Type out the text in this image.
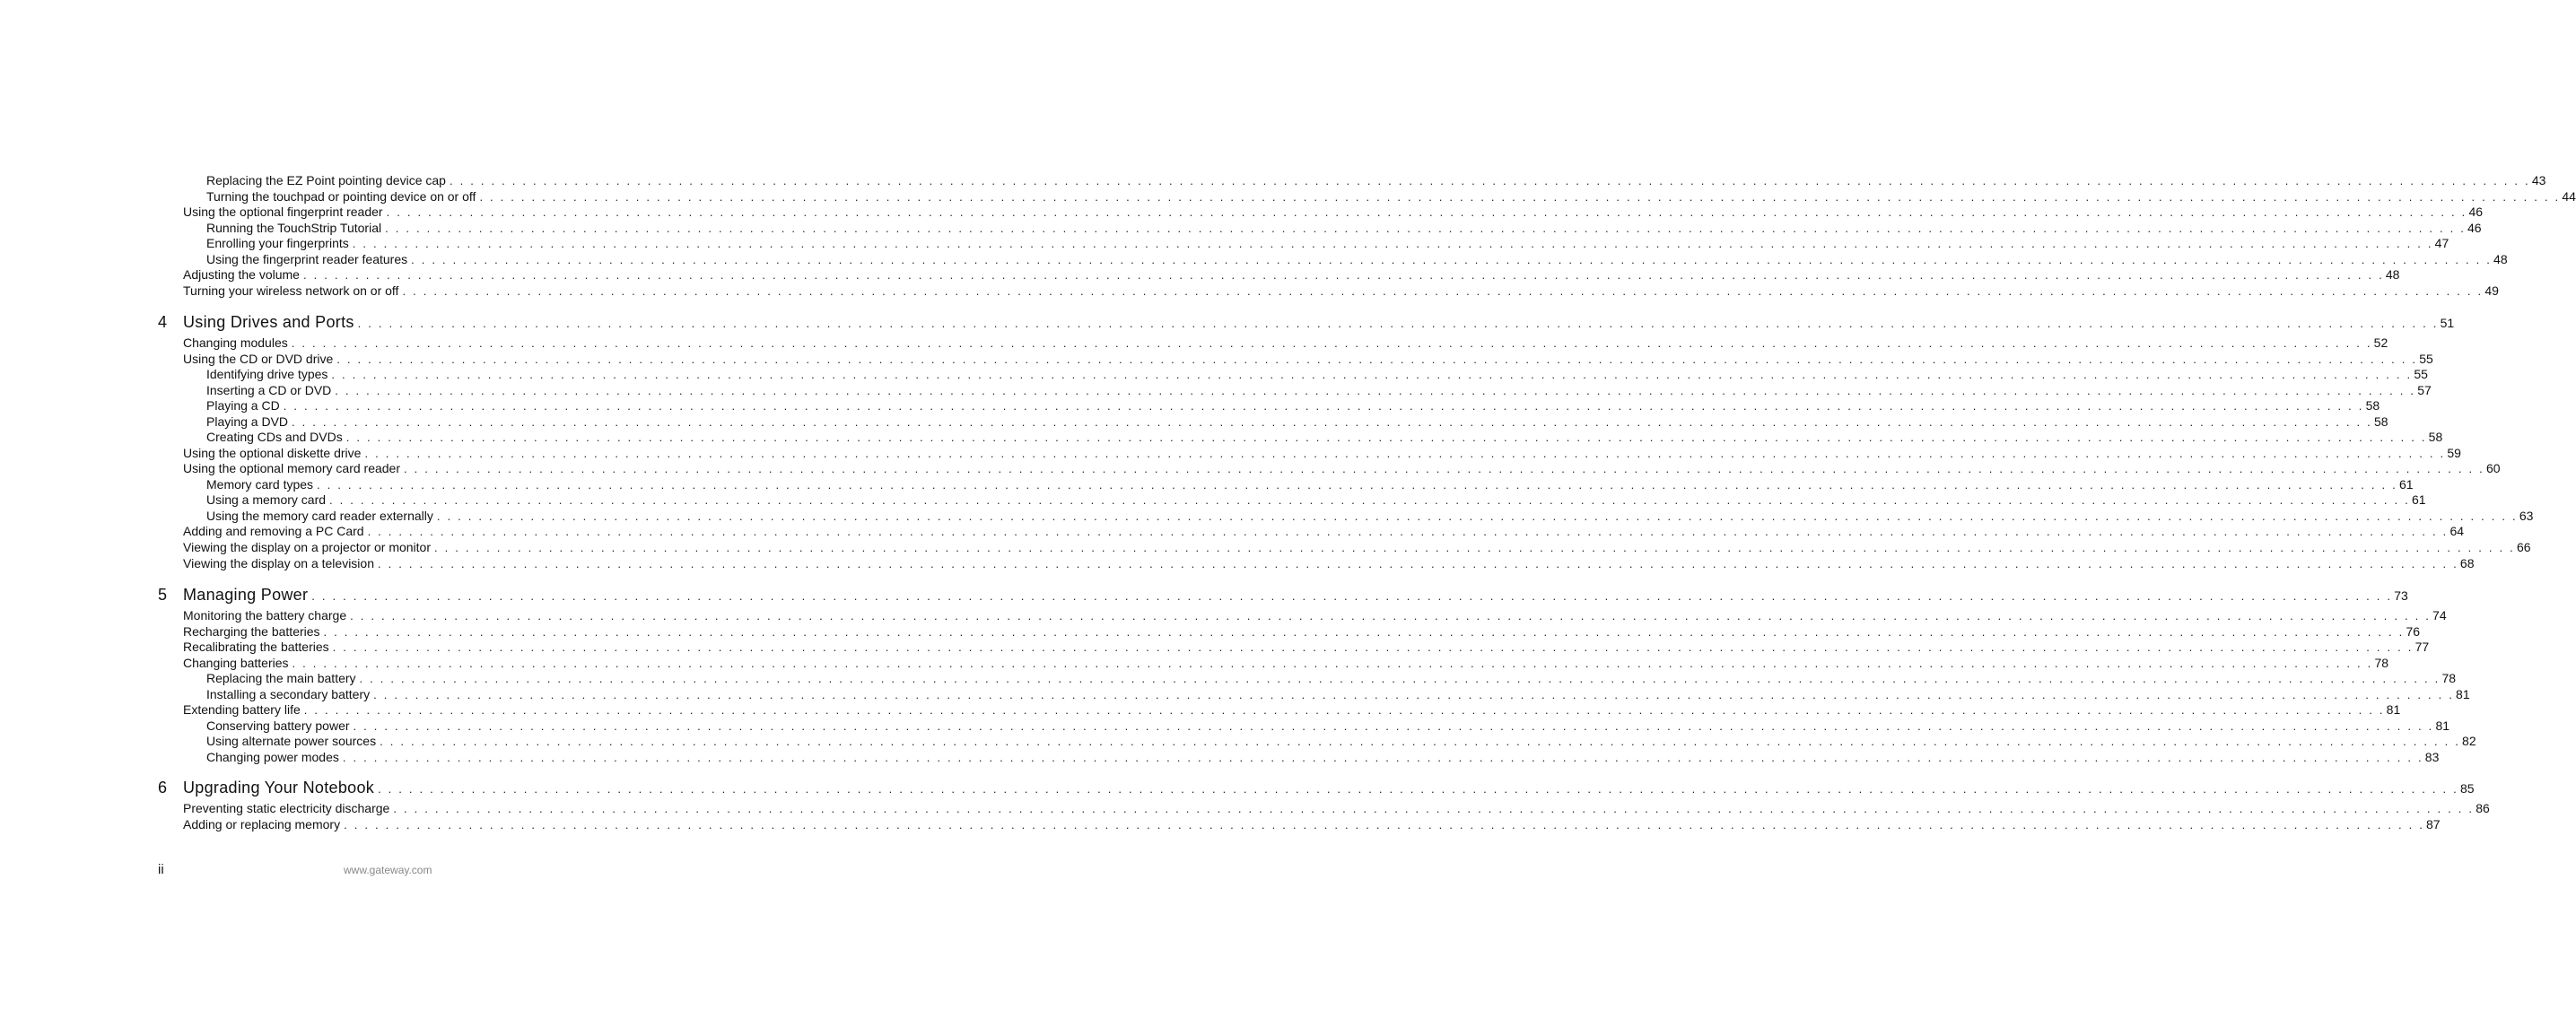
Replacing the EZ Point pointing device cap . . . . . . . . . . . . . . . . . . . . . . . . . . . . . . . . . . . . . . . . . . . . . . . . . . . . . . . . . . . . . . . . . . . . . . . . . . . . . . . . . . . . . . . . . . . . . . . . . . . . . . . . . . . . . . . . . . . . . . . . . . . . . . . . . . . . . . . . . . . . . . . . . . . . . . . . . . . . . . . . . . . . . . . . . . . . . . . . . . . . . . . . . . . . . . . . . . . . . . . . 43
Turning the touchpad or pointing device on or off . . . . . . . . . . . . . . . . . . . . . . . . . . . . . . . . . . . . . . . . . . . . . . . . . . . . . . . . . . . . . . . . . . . . . . . . . . . . . . . . . . . . . . . . . . . . . . . . . . . . . . . . . . . . . . . . . . . . . . . . . . . . . . . . . . . . . . . . . . . . . . . . . . . . . . . . . . . . . . . . . . . . . . . . . . . . . . . . . . . . . . . . . . . . . . . . . . . . . . . . 44
Using the optional fingerprint reader . . . . . . . . . . . . . . . . . . . . . . . . . . . . . . . . . . . . . . . . . . . . . . . . . . . . . . . . . . . . . . . . . . . . . . . . . . . . . . . . . . . . . . . . . . . . . . . . . . . . . . . . . . . . . . . . . . . . . . . . . . . . . . . . . . . . . . . . . . . . . . . . . . . . . . . . . . . . . . . . . . . . . . . . . . . . . . . . . . . . . . . . . . . . . . . . . . . . . . . . 46
Running the TouchStrip Tutorial . . . . . . . . . . . . . . . . . . . . . . . . . . . . . . . . . . . . . . . . . . . . . . . . . . . . . . . . . . . . . . . . . . . . . . . . . . . . . . . . . . . . . . . . . . . . . . . . . . . . . . . . . . . . . . . . . . . . . . . . . . . . . . . . . . . . . . . . . . . . . . . . . . . . . . . . . . . . . . . . . . . . . . . . . . . . . . . . . . . . . . . . . . . . . . . . . . . . . . . . 46
Enrolling your fingerprints . . . . . . . . . . . . . . . . . . . . . . . . . . . . . . . . . . . . . . . . . . . . . . . . . . . . . . . . . . . . . . . . . . . . . . . . . . . . . . . . . . . . . . . . . . . . . . . . . . . . . . . . . . . . . . . . . . . . . . . . . . . . . . . . . . . . . . . . . . . . . . . . . . . . . . . . . . . . . . . . . . . . . . . . . . . . . . . . . . . . . . . . . . . . . . . . . . . . . . . . 47
Using the fingerprint reader features . . . . . . . . . . . . . . . . . . . . . . . . . . . . . . . . . . . . . . . . . . . . . . . . . . . . . . . . . . . . . . . . . . . . . . . . . . . . . . . . . . . . . . . . . . . . . . . . . . . . . . . . . . . . . . . . . . . . . . . . . . . . . . . . . . . . . . . . . . . . . . . . . . . . . . . . . . . . . . . . . . . . . . . . . . . . . . . . . . . . . . . . . . . . . . . . . . . . . . . . 48
Adjusting the volume . . . . . . . . . . . . . . . . . . . . . . . . . . . . . . . . . . . . . . . . . . . . . . . . . . . . . . . . . . . . . . . . . . . . . . . . . . . . . . . . . . . . . . . . . . . . . . . . . . . . . . . . . . . . . . . . . . . . . . . . . . . . . . . . . . . . . . . . . . . . . . . . . . . . . . . . . . . . . . . . . . . . . . . . . . . . . . . . . . . . . . . . . . . . . . . . . . . . . . . . 48
Turning your wireless network on or off . . . . . . . . . . . . . . . . . . . . . . . . . . . . . . . . . . . . . . . . . . . . . . . . . . . . . . . . . . . . . . . . . . . . . . . . . . . . . . . . . . . . . . . . . . . . . . . . . . . . . . . . . . . . . . . . . . . . . . . . . . . . . . . . . . . . . . . . . . . . . . . . . . . . . . . . . . . . . . . . . . . . . . . . . . . . . . . . . . . . . . . . . . . . . . . . . . . . . . . . 49
4 Using Drives and Ports . . . . . . . . . . . . . . . . . . . . . . . . . . . . . . . . . . . . . . . . . . . . . . . . . . . . . . . . . . . . . . . . . . . . . . . . . . . . . . . . . . . . . . . . . . . . . . . . . . . . . . . . . . . . . . . . . . . . . . . . . . . . . . . . . . . . . . . . . . . . . . . . . . . . . . . . . . . . . . . . . . . . . . . . . . . . . . . . . . . . . . . . . . . . . . . . . . . . . . . . 51
Changing modules . . . . . . . . . . . . . . . . . . . . . . . . . . . . . . . . . . . . . . . . . . . . . . . . . . . . . . . . . . . . . . . . . . . . . . . . . . . . . . . . . . . . . . . . . . . . . . . . . . . . . . . . . . . . . . . . . . . . . . . . . . . . . . . . . . . . . . . . . . . . . . . . . . . . . . . . . . . . . . . . . . . . . . . . . . . . . . . . . . . . . . . . . . . . . . . . . . . . . . . . 52
Using the CD or DVD drive . . . . . . . . . . . . . . . . . . . . . . . . . . . . . . . . . . . . . . . . . . . . . . . . . . . . . . . . . . . . . . . . . . . . . . . . . . . . . . . . . . . . . . . . . . . . . . . . . . . . . . . . . . . . . . . . . . . . . . . . . . . . . . . . . . . . . . . . . . . . . . . . . . . . . . . . . . . . . . . . . . . . . . . . . . . . . . . . . . . . . . . . . . . . . . . . . . . . . . . . 55
Identifying drive types . . . . . . . . . . . . . . . . . . . . . . . . . . . . . . . . . . . . . . . . . . . . . . . . . . . . . . . . . . . . . . . . . . . . . . . . . . . . . . . . . . . . . . . . . . . . . . . . . . . . . . . . . . . . . . . . . . . . . . . . . . . . . . . . . . . . . . . . . . . . . . . . . . . . . . . . . . . . . . . . . . . . . . . . . . . . . . . . . . . . . . . . . . . . . . . . . . . . . . . . 55
Inserting a CD or DVD . . . . . . . . . . . . . . . . . . . . . . . . . . . . . . . . . . . . . . . . . . . . . . . . . . . . . . . . . . . . . . . . . . . . . . . . . . . . . . . . . . . . . . . . . . . . . . . . . . . . . . . . . . . . . . . . . . . . . . . . . . . . . . . . . . . . . . . . . . . . . . . . . . . . . . . . . . . . . . . . . . . . . . . . . . . . . . . . . . . . . . . . . . . . . . . . . . . . . . . . 57
Playing a CD . . . . . . . . . . . . . . . . . . . . . . . . . . . . . . . . . . . . . . . . . . . . . . . . . . . . . . . . . . . . . . . . . . . . . . . . . . . . . . . . . . . . . . . . . . . . . . . . . . . . . . . . . . . . . . . . . . . . . . . . . . . . . . . . . . . . . . . . . . . . . . . . . . . . . . . . . . . . . . . . . . . . . . . . . . . . . . . . . . . . . . . . . . . . . . . . . . . . . . . . 58
Playing a DVD . . . . . . . . . . . . . . . . . . . . . . . . . . . . . . . . . . . . . . . . . . . . . . . . . . . . . . . . . . . . . . . . . . . . . . . . . . . . . . . . . . . . . . . . . . . . . . . . . . . . . . . . . . . . . . . . . . . . . . . . . . . . . . . . . . . . . . . . . . . . . . . . . . . . . . . . . . . . . . . . . . . . . . . . . . . . . . . . . . . . . . . . . . . . . . . . . . . . . . . . 58
Creating CDs and DVDs . . . . . . . . . . . . . . . . . . . . . . . . . . . . . . . . . . . . . . . . . . . . . . . . . . . . . . . . . . . . . . . . . . . . . . . . . . . . . . . . . . . . . . . . . . . . . . . . . . . . . . . . . . . . . . . . . . . . . . . . . . . . . . . . . . . . . . . . . . . . . . . . . . . . . . . . . . . . . . . . . . . . . . . . . . . . . . . . . . . . . . . . . . . . . . . . . . . . . . . . 58
Using the optional diskette drive . . . . . . . . . . . . . . . . . . . . . . . . . . . . . . . . . . . . . . . . . . . . . . . . . . . . . . . . . . . . . . . . . . . . . . . . . . . . . . . . . . . . . . . . . . . . . . . . . . . . . . . . . . . . . . . . . . . . . . . . . . . . . . . . . . . . . . . . . . . . . . . . . . . . . . . . . . . . . . . . . . . . . . . . . . . . . . . . . . . . . . . . . . . . . . . . . . . . . . . . 59
Using the optional memory card reader . . . . . . . . . . . . . . . . . . . . . . . . . . . . . . . . . . . . . . . . . . . . . . . . . . . . . . . . . . . . . . . . . . . . . . . . . . . . . . . . . . . . . . . . . . . . . . . . . . . . . . . . . . . . . . . . . . . . . . . . . . . . . . . . . . . . . . . . . . . . . . . . . . . . . . . . . . . . . . . . . . . . . . . . . . . . . . . . . . . . . . . . . . . . . . . . . . . . . . . . 60
Memory card types . . . . . . . . . . . . . . . . . . . . . . . . . . . . . . . . . . . . . . . . . . . . . . . . . . . . . . . . . . . . . . . . . . . . . . . . . . . . . . . . . . . . . . . . . . . . . . . . . . . . . . . . . . . . . . . . . . . . . . . . . . . . . . . . . . . . . . . . . . . . . . . . . . . . . . . . . . . . . . . . . . . . . . . . . . . . . . . . . . . . . . . . . . . . . . . . . . . . . . . . 61
Using a memory card . . . . . . . . . . . . . . . . . . . . . . . . . . . . . . . . . . . . . . . . . . . . . . . . . . . . . . . . . . . . . . . . . . . . . . . . . . . . . . . . . . . . . . . . . . . . . . . . . . . . . . . . . . . . . . . . . . . . . . . . . . . . . . . . . . . . . . . . . . . . . . . . . . . . . . . . . . . . . . . . . . . . . . . . . . . . . . . . . . . . . . . . . . . . . . . . . . . . . . . . 61
Using the memory card reader externally . . . . . . . . . . . . . . . . . . . . . . . . . . . . . . . . . . . . . . . . . . . . . . . . . . . . . . . . . . . . . . . . . . . . . . . . . . . . . . . . . . . . . . . . . . . . . . . . . . . . . . . . . . . . . . . . . . . . . . . . . . . . . . . . . . . . . . . . . . . . . . . . . . . . . . . . . . . . . . . . . . . . . . . . . . . . . . . . . . . . . . . . . . . . . . . . . . . . . . . . 63
Adding and removing a PC Card . . . . . . . . . . . . . . . . . . . . . . . . . . . . . . . . . . . . . . . . . . . . . . . . . . . . . . . . . . . . . . . . . . . . . . . . . . . . . . . . . . . . . . . . . . . . . . . . . . . . . . . . . . . . . . . . . . . . . . . . . . . . . . . . . . . . . . . . . . . . . . . . . . . . . . . . . . . . . . . . . . . . . . . . . . . . . . . . . . . . . . . . . . . . . . . . . . . . . . . . 64
Viewing the display on a projector or monitor . . . . . . . . . . . . . . . . . . . . . . . . . . . . . . . . . . . . . . . . . . . . . . . . . . . . . . . . . . . . . . . . . . . . . . . . . . . . . . . . . . . . . . . . . . . . . . . . . . . . . . . . . . . . . . . . . . . . . . . . . . . . . . . . . . . . . . . . . . . . . . . . . . . . . . . . . . . . . . . . . . . . . . . . . . . . . . . . . . . . . . . . . . . . . . . . . . . . . . . . 66
Viewing the display on a television . . . . . . . . . . . . . . . . . . . . . . . . . . . . . . . . . . . . . . . . . . . . . . . . . . . . . . . . . . . . . . . . . . . . . . . . . . . . . . . . . . . . . . . . . . . . . . . . . . . . . . . . . . . . . . . . . . . . . . . . . . . . . . . . . . . . . . . . . . . . . . . . . . . . . . . . . . . . . . . . . . . . . . . . . . . . . . . . . . . . . . . . . . . . . . . . . . . . . . . . 68
5 Managing Power . . . . . . . . . . . . . . . . . . . . . . . . . . . . . . . . . . . . . . . . . . . . . . . . . . . . . . . . . . . . . . . . . . . . . . . . . . . . . . . . . . . . . . . . . . . . . . . . . . . . . . . . . . . . . . . . . . . . . . . . . . . . . . . . . . . . . . . . . . . . . . . . . . . . . . . . . . . . . . . . . . . . . . . . . . . . . . . . . . . . . . . . . . . . . . . . . . . . . . . . 73
Monitoring the battery charge . . . . . . . . . . . . . . . . . . . . . . . . . . . . . . . . . . . . . . . . . . . . . . . . . . . . . . . . . . . . . . . . . . . . . . . . . . . . . . . . . . . . . . . . . . . . . . . . . . . . . . . . . . . . . . . . . . . . . . . . . . . . . . . . . . . . . . . . . . . . . . . . . . . . . . . . . . . . . . . . . . . . . . . . . . . . . . . . . . . . . . . . . . . . . . . . . . . . . . . . 74
Recharging the batteries . . . . . . . . . . . . . . . . . . . . . . . . . . . . . . . . . . . . . . . . . . . . . . . . . . . . . . . . . . . . . . . . . . . . . . . . . . . . . . . . . . . . . . . . . . . . . . . . . . . . . . . . . . . . . . . . . . . . . . . . . . . . . . . . . . . . . . . . . . . . . . . . . . . . . . . . . . . . . . . . . . . . . . . . . . . . . . . . . . . . . . . . . . . . . . . . . . . . . . . . 76
Recalibrating the batteries . . . . . . . . . . . . . . . . . . . . . . . . . . . . . . . . . . . . . . . . . . . . . . . . . . . . . . . . . . . . . . . . . . . . . . . . . . . . . . . . . . . . . . . . . . . . . . . . . . . . . . . . . . . . . . . . . . . . . . . . . . . . . . . . . . . . . . . . . . . . . . . . . . . . . . . . . . . . . . . . . . . . . . . . . . . . . . . . . . . . . . . . . . . . . . . . . . . . . . . . 77
Changing batteries . . . . . . . . . . . . . . . . . . . . . . . . . . . . . . . . . . . . . . . . . . . . . . . . . . . . . . . . . . . . . . . . . . . . . . . . . . . . . . . . . . . . . . . . . . . . . . . . . . . . . . . . . . . . . . . . . . . . . . . . . . . . . . . . . . . . . . . . . . . . . . . . . . . . . . . . . . . . . . . . . . . . . . . . . . . . . . . . . . . . . . . . . . . . . . . . . . . . . . . . 78
Replacing the main battery . . . . . . . . . . . . . . . . . . . . . . . . . . . . . . . . . . . . . . . . . . . . . . . . . . . . . . . . . . . . . . . . . . . . . . . . . . . . . . . . . . . . . . . . . . . . . . . . . . . . . . . . . . . . . . . . . . . . . . . . . . . . . . . . . . . . . . . . . . . . . . . . . . . . . . . . . . . . . . . . . . . . . . . . . . . . . . . . . . . . . . . . . . . . . . . . . . . . . . . . 78
Installing a secondary battery . . . . . . . . . . . . . . . . . . . . . . . . . . . . . . . . . . . . . . . . . . . . . . . . . . . . . . . . . . . . . . . . . . . . . . . . . . . . . . . . . . . . . . . . . . . . . . . . . . . . . . . . . . . . . . . . . . . . . . . . . . . . . . . . . . . . . . . . . . . . . . . . . . . . . . . . . . . . . . . . . . . . . . . . . . . . . . . . . . . . . . . . . . . . . . . . . . . . . . . . 81
Extending battery life . . . . . . . . . . . . . . . . . . . . . . . . . . . . . . . . . . . . . . . . . . . . . . . . . . . . . . . . . . . . . . . . . . . . . . . . . . . . . . . . . . . . . . . . . . . . . . . . . . . . . . . . . . . . . . . . . . . . . . . . . . . . . . . . . . . . . . . . . . . . . . . . . . . . . . . . . . . . . . . . . . . . . . . . . . . . . . . . . . . . . . . . . . . . . . . . . . . . . . . . 81
Conserving battery power . . . . . . . . . . . . . . . . . . . . . . . . . . . . . . . . . . . . . . . . . . . . . . . . . . . . . . . . . . . . . . . . . . . . . . . . . . . . . . . . . . . . . . . . . . . . . . . . . . . . . . . . . . . . . . . . . . . . . . . . . . . . . . . . . . . . . . . . . . . . . . . . . . . . . . . . . . . . . . . . . . . . . . . . . . . . . . . . . . . . . . . . . . . . . . . . . . . . . . . . 81
Using alternate power sources . . . . . . . . . . . . . . . . . . . . . . . . . . . . . . . . . . . . . . . . . . . . . . . . . . . . . . . . . . . . . . . . . . . . . . . . . . . . . . . . . . . . . . . . . . . . . . . . . . . . . . . . . . . . . . . . . . . . . . . . . . . . . . . . . . . . . . . . . . . . . . . . . . . . . . . . . . . . . . . . . . . . . . . . . . . . . . . . . . . . . . . . . . . . . . . . . . . . . . . . 82
Changing power modes . . . . . . . . . . . . . . . . . . . . . . . . . . . . . . . . . . . . . . . . . . . . . . . . . . . . . . . . . . . . . . . . . . . . . . . . . . . . . . . . . . . . . . . . . . . . . . . . . . . . . . . . . . . . . . . . . . . . . . . . . . . . . . . . . . . . . . . . . . . . . . . . . . . . . . . . . . . . . . . . . . . . . . . . . . . . . . . . . . . . . . . . . . . . . . . . . . . . . . . . 83
6 Upgrading Your Notebook . . . . . . . . . . . . . . . . . . . . . . . . . . . . . . . . . . . . . . . . . . . . . . . . . . . . . . . . . . . . . . . . . . . . . . . . . . . . . . . . . . . . . . . . . . . . . . . . . . . . . . . . . . . . . . . . . . . . . . . . . . . . . . . . . . . . . . . . . . . . . . . . . . . . . . . . . . . . . . . . . . . . . . . . . . . . . . . . . . . . . . . . . . . . . . . . . . . . . . . . 85
Preventing static electricity discharge . . . . . . . . . . . . . . . . . . . . . . . . . . . . . . . . . . . . . . . . . . . . . . . . . . . . . . . . . . . . . . . . . . . . . . . . . . . . . . . . . . . . . . . . . . . . . . . . . . . . . . . . . . . . . . . . . . . . . . . . . . . . . . . . . . . . . . . . . . . . . . . . . . . . . . . . . . . . . . . . . . . . . . . . . . . . . . . . . . . . . . . . . . . . . . . . . . . . . . . . 86
Adding or replacing memory . . . . . . . . . . . . . . . . . . . . . . . . . . . . . . . . . . . . . . . . . . . . . . . . . . . . . . . . . . . . . . . . . . . . . . . . . . . . . . . . . . . . . . . . . . . . . . . . . . . . . . . . . . . . . . . . . . . . . . . . . . . . . . . . . . . . . . . . . . . . . . . . . . . . . . . . . . . . . . . . . . . . . . . . . . . . . . . . . . . . . . . . . . . . . . . . . . . . . . . . 87
ii	www.gateway.com
